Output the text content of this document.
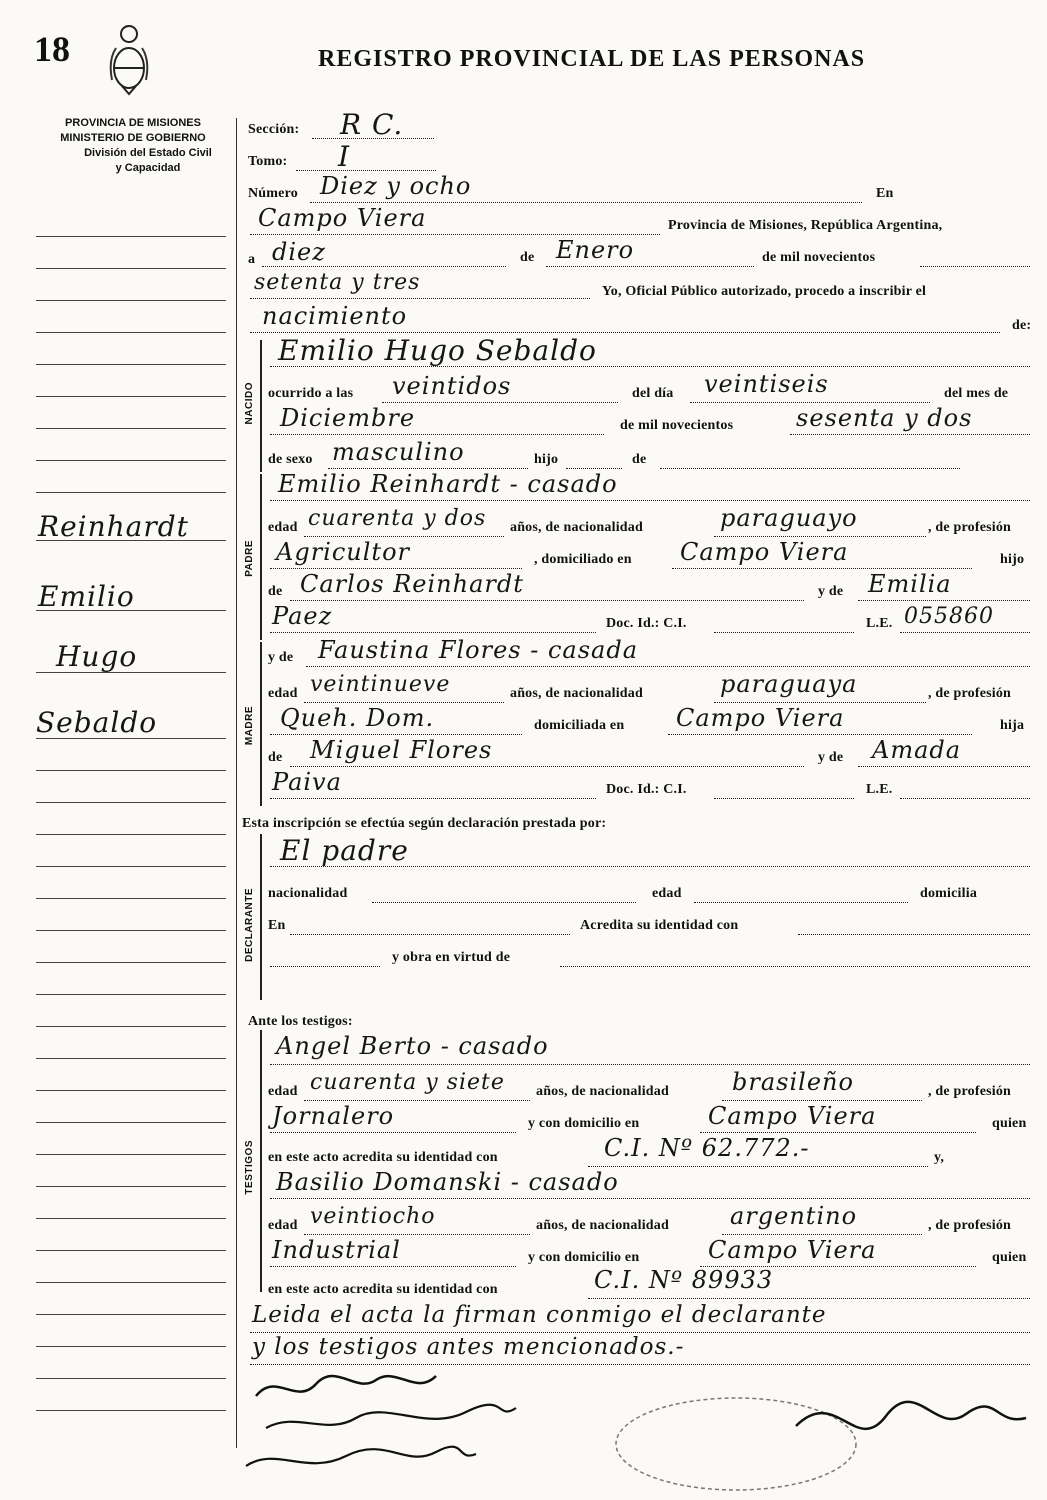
18	REGISTRO PROVINCIAL DE LAS PERSONAS
PROVINCIA DE MISIONES
MINISTERIO DE GOBIERNO
División del Estado Civil
y Capacidad
Reinhardt
Emilio
Hugo
Sebaldo
Sección: R C.
Tomo: I
Número Diez y ocho	En
Campo Viera	Provincia de Misiones, República Argentina,
a diez	de Enero	de mil novecientos
setenta y tres	Yo, Oficial Público autorizado, procedo a inscribir el
nacimiento	de:
NACIDO
Emilio Hugo Sebaldo
ocurrido a las veintidos	del día veintiseis	del mes de
Diciembre	de mil novecientos	sesenta y dos
de sexo masculino	hijo	de
PADRE
Emilio Reinhardt - casado
edad cuarenta y dos años, de nacionalidad	paraguayo	, de profesión
Agricultor	, domiciliado en Campo Viera	hijo
de Carlos Reinhardt	y de Emilia
Paez	Doc. Id.: C.I.	L.E. 055860
MADRE
y de Faustina Flores - casada
edad veintinueve	años, de nacionalidad	paraguaya	, de profesión
Queh. Dom.	domiciliada en Campo Viera	hija
de Miguel Flores	y de Amada
Paiva	Doc. Id.: C.I.	L.E.
Esta inscripción se efectúa según declaración prestada por:
DECLARANTE
El padre
nacionalidad	edad	domicilia
En	Acredita su identidad con
y obra en virtud de
Ante los testigos:
TESTIGOS
Angel Berto - casado
edad cuarenta y siete años, de nacionalidad	brasileño	, de profesión
Jornalero	y con domicilio en	Campo Viera	quien
en este acto acredita su identidad con	C.I. Nº 62.772.-	y,
Basilio Domanski - casado
edad veintiocho	años, de nacionalidad	argentino	, de profesión
Industrial	y con domicilio en	Campo Viera	quien
en este acto acredita su identidad con	C.I. Nº 89933
Leida el acta la firman conmigo el declarante
y los testigos antes mencionados.-
